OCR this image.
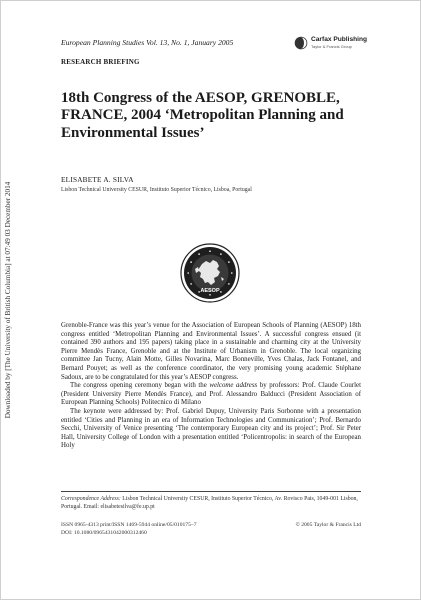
Downloaded by [The University of British Columbia] at 07:49 03 December 2014
European Planning Studies Vol. 13, No. 1, January 2005	Carfax Publishing
Taylor & Francis Group
RESEARCH BRIEFING
18th Congress of the AESOP, GRENOBLE, FRANCE, 2004 ‘Metropolitan Planning and Environmental Issues’
ELISABETE A. SILVA
Lisbon Technical University CESUR, Instituto Superior Técnico, Lisboa, Portugal
AESOP

Grenoble-France was this year’s venue for the Association of European Schools of Planning (AESOP) 18th congress entitled ‘Metropolitan Planning and Environmental Issues’. A successful congress ensued (it contained 390 authors and 195 papers) taking place in a sustainable and charming city at the University Pierre Mendès France, Grenoble and at the Institute of Urbanism in Grenoble. The local organizing committee Jan Tucny, Alain Motte, Gilles Novarina, Marc Bonneville, Yves Chalas, Jack Fontanel, and Bernard Pouyet; as well as the conference coordinator, the very promising young academic Stéphane Sadoux, are to be congratulated for this year’s AESOP congress.

The congress opening ceremony began with the welcome address by professors: Prof. Claude Courlet (President University Pierre Mendès France), and Prof. Alessandro Balducci (President Association of European Planning Schools) Politecnico di Milano

The keynote were addressed by: Prof. Gabriel Dupuy, University Paris Sorbonne with a presentation entitled ‘Cities and Planning in an era of Information Technologies and Communication’; Prof. Bernardo Secchi, University of Venice presenting ‘The contemporary European city and its project’; Prof. Sir Peter Hall, University College of London with a presentation entitled ‘Policentropolis: in search of the European Holy

Correspondence Address: Lisbon Technical University CESUR, Instituto Superior Técnico, Av. Rovisco Pais, 1049-001 Lisbon, Portugal. Email: elisabetesilva@fe.up.pt
ISSN 0965-4313 print/ISSN 1469-5944 online/05/010175–7	© 2005 Taylor & Francis Ltd
DOI: 10.1080/0965431042000312460
